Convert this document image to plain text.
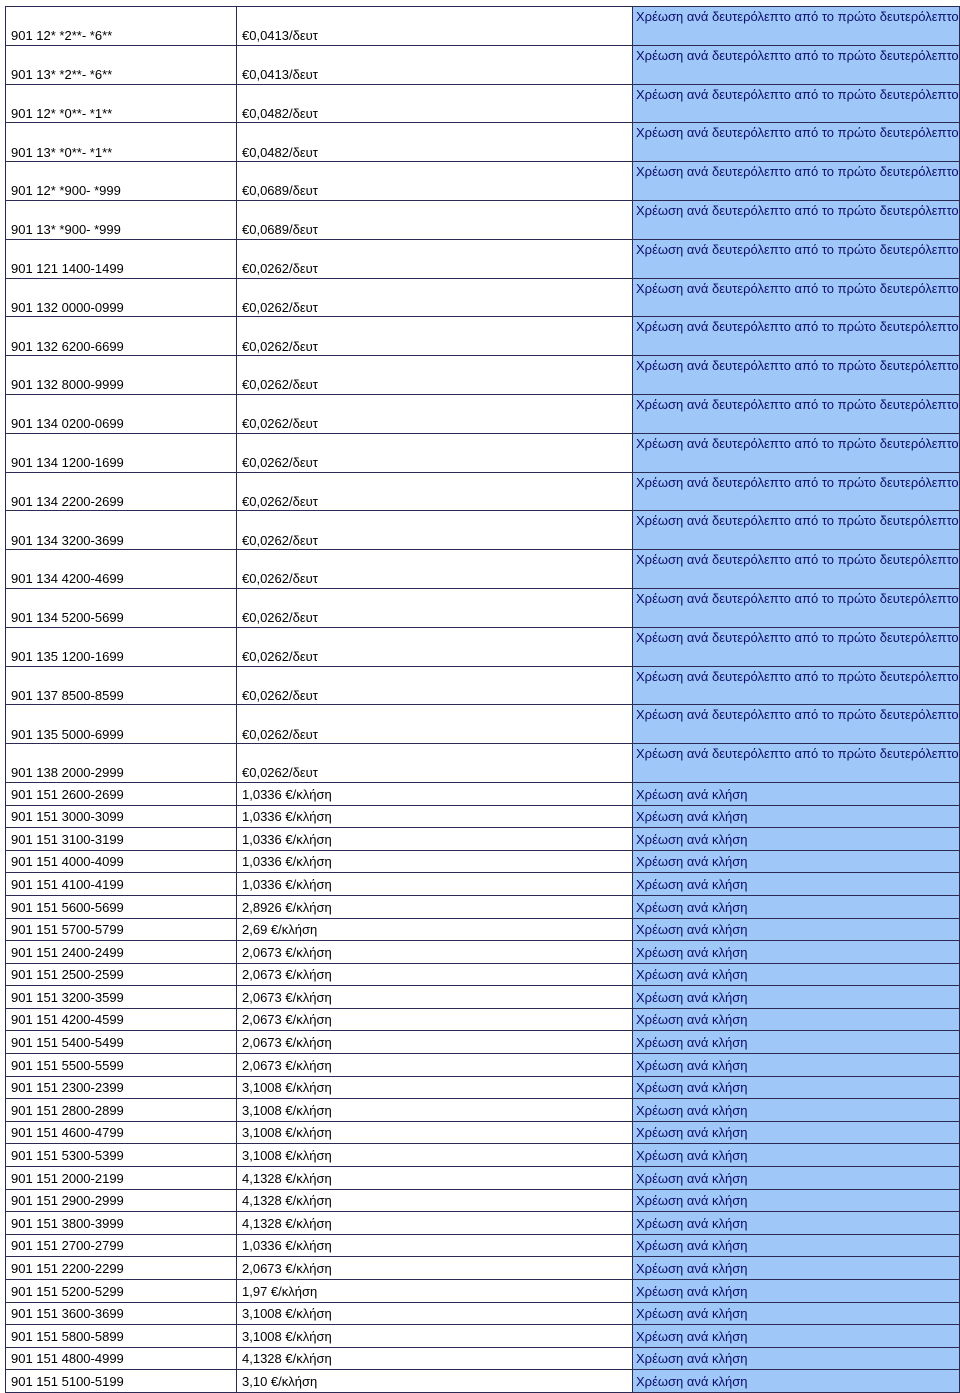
901 12* *2**- *6**	€0,0413/δευτ	Χρέωση ανά δευτερόλεπτο από το πρώτο δευτερόλεπτο
901 13* *2**- *6**	€0,0413/δευτ	Χρέωση ανά δευτερόλεπτο από το πρώτο δευτερόλεπτο
901 12* *0**- *1**	€0,0482/δευτ	Χρέωση ανά δευτερόλεπτο από το πρώτο δευτερόλεπτο
901 13* *0**- *1**	€0,0482/δευτ	Χρέωση ανά δευτερόλεπτο από το πρώτο δευτερόλεπτο
901 12* *900- *999	€0,0689/δευτ	Χρέωση ανά δευτερόλεπτο από το πρώτο δευτερόλεπτο
901 13* *900- *999	€0,0689/δευτ	Χρέωση ανά δευτερόλεπτο από το πρώτο δευτερόλεπτο
901 121 1400-1499	€0,0262/δευτ	Χρέωση ανά δευτερόλεπτο από το πρώτο δευτερόλεπτο
901 132 0000-0999	€0,0262/δευτ	Χρέωση ανά δευτερόλεπτο από το πρώτο δευτερόλεπτο
901 132 6200-6699	€0,0262/δευτ	Χρέωση ανά δευτερόλεπτο από το πρώτο δευτερόλεπτο
901 132 8000-9999	€0,0262/δευτ	Χρέωση ανά δευτερόλεπτο από το πρώτο δευτερόλεπτο
901 134 0200-0699	€0,0262/δευτ	Χρέωση ανά δευτερόλεπτο από το πρώτο δευτερόλεπτο
901 134 1200-1699	€0,0262/δευτ	Χρέωση ανά δευτερόλεπτο από το πρώτο δευτερόλεπτο
901 134 2200-2699	€0,0262/δευτ	Χρέωση ανά δευτερόλεπτο από το πρώτο δευτερόλεπτο
901 134 3200-3699	€0,0262/δευτ	Χρέωση ανά δευτερόλεπτο από το πρώτο δευτερόλεπτο
901 134 4200-4699	€0,0262/δευτ	Χρέωση ανά δευτερόλεπτο από το πρώτο δευτερόλεπτο
901 134 5200-5699	€0,0262/δευτ	Χρέωση ανά δευτερόλεπτο από το πρώτο δευτερόλεπτο
901 135 1200-1699	€0,0262/δευτ	Χρέωση ανά δευτερόλεπτο από το πρώτο δευτερόλεπτο
901 137 8500-8599	€0,0262/δευτ	Χρέωση ανά δευτερόλεπτο από το πρώτο δευτερόλεπτο
901 135 5000-6999	€0,0262/δευτ	Χρέωση ανά δευτερόλεπτο από το πρώτο δευτερόλεπτο
901 138 2000-2999	€0,0262/δευτ	Χρέωση ανά δευτερόλεπτο από το πρώτο δευτερόλεπτο
901 151 2600-2699	1,0336 €/κλήση	Χρέωση ανά κλήση
901 151 3000-3099	1,0336 €/κλήση	Χρέωση ανά κλήση
901 151 3100-3199	1,0336 €/κλήση	Χρέωση ανά κλήση
901 151 4000-4099	1,0336 €/κλήση	Χρέωση ανά κλήση
901 151 4100-4199	1,0336 €/κλήση	Χρέωση ανά κλήση
901 151 5600-5699	2,8926 €/κλήση	Χρέωση ανά κλήση
901 151 5700-5799	2,69 €/κλήση	Χρέωση ανά κλήση
901 151 2400-2499	2,0673 €/κλήση	Χρέωση ανά κλήση
901 151 2500-2599	2,0673 €/κλήση	Χρέωση ανά κλήση
901 151 3200-3599	2,0673 €/κλήση	Χρέωση ανά κλήση
901 151 4200-4599	2,0673 €/κλήση	Χρέωση ανά κλήση
901 151 5400-5499	2,0673 €/κλήση	Χρέωση ανά κλήση
901 151 5500-5599	2,0673 €/κλήση	Χρέωση ανά κλήση
901 151 2300-2399	3,1008 €/κλήση	Χρέωση ανά κλήση
901 151 2800-2899	3,1008 €/κλήση	Χρέωση ανά κλήση
901 151 4600-4799	3,1008 €/κλήση	Χρέωση ανά κλήση
901 151 5300-5399	3,1008 €/κλήση	Χρέωση ανά κλήση
901 151 2000-2199	4,1328 €/κλήση	Χρέωση ανά κλήση
901 151 2900-2999	4,1328 €/κλήση	Χρέωση ανά κλήση
901 151 3800-3999	4,1328 €/κλήση	Χρέωση ανά κλήση
901 151 2700-2799	1,0336 €/κλήση	Χρέωση ανά κλήση
901 151 2200-2299	2,0673 €/κλήση	Χρέωση ανά κλήση
901 151 5200-5299	1,97 €/κλήση	Χρέωση ανά κλήση
901 151 3600-3699	3,1008 €/κλήση	Χρέωση ανά κλήση
901 151 5800-5899	3,1008 €/κλήση	Χρέωση ανά κλήση
901 151 4800-4999	4,1328 €/κλήση	Χρέωση ανά κλήση
901 151 5100-5199	3,10 €/κλήση	Χρέωση ανά κλήση
